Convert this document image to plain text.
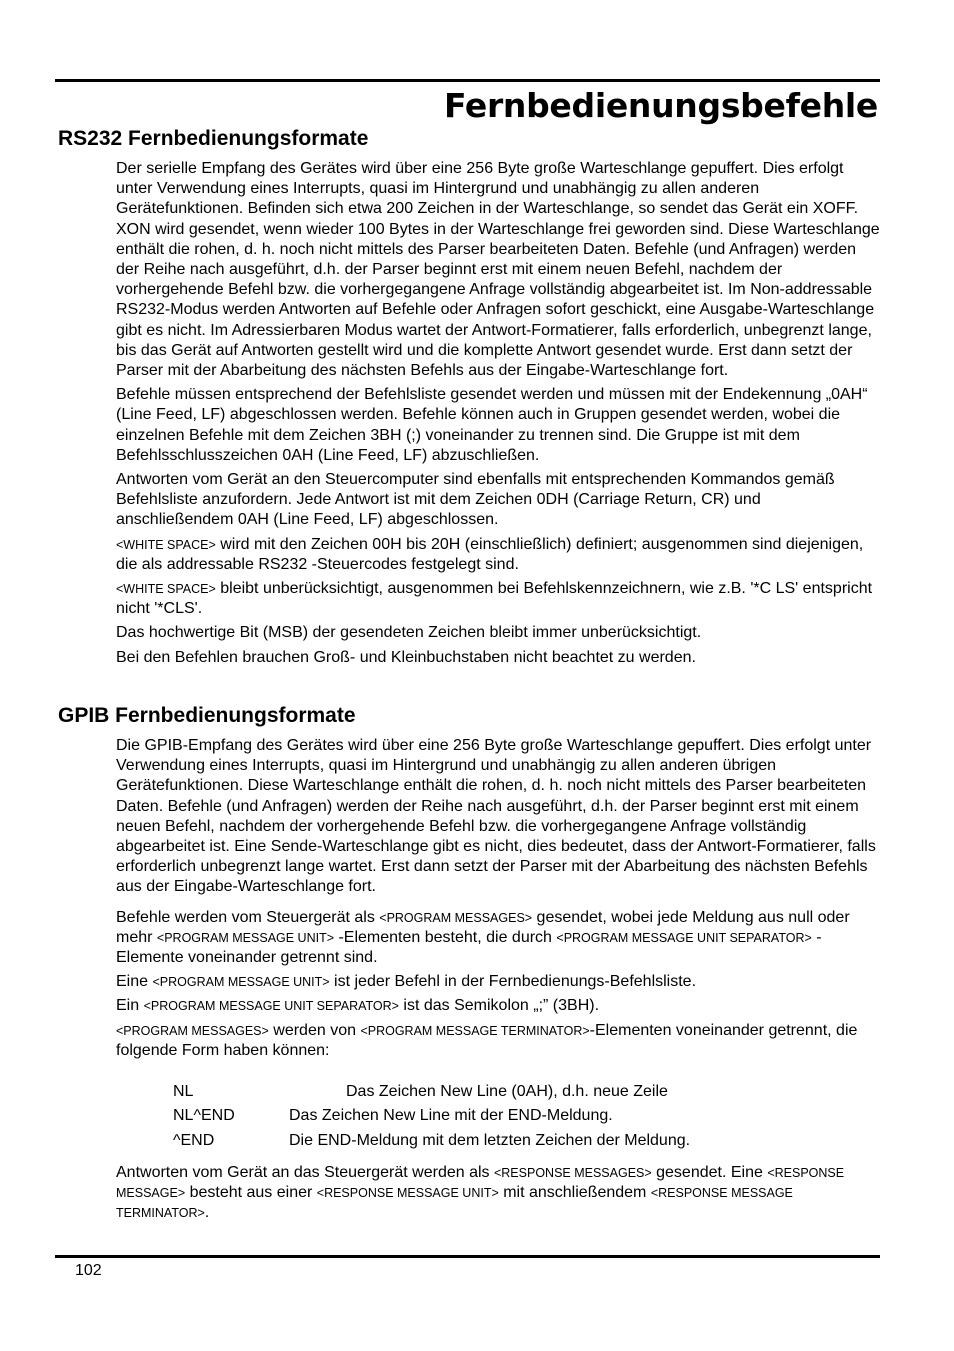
Fernbedienungsbefehle
RS232 Fernbedienungsformate

Der serielle Empfang des Gerätes wird über eine 256 Byte große Warteschlange gepuffert. Dies erfolgt unter Verwendung eines Interrupts, quasi im Hintergrund und unabhängig zu allen anderen Gerätefunktionen. Befinden sich etwa 200 Zeichen in der Warteschlange, so sendet das Gerät ein XOFF. XON wird gesendet, wenn wieder 100 Bytes in der Warteschlange frei geworden sind. Diese Warteschlange enthält die rohen, d. h. noch nicht mittels des Parser bearbeiteten Daten. Befehle (und Anfragen) werden der Reihe nach ausgeführt, d.h. der Parser beginnt erst mit einem neuen Befehl, nachdem der vorhergehende Befehl bzw. die vorhergegangene Anfrage vollständig abgearbeitet ist. Im Non-addressable RS232-Modus werden Antworten auf Befehle oder Anfragen sofort geschickt, eine Ausgabe-Warteschlange gibt es nicht. Im Adressierbaren Modus wartet der Antwort-Formatierer, falls erforderlich, unbegrenzt lange, bis das Gerät auf Antworten gestellt wird und die komplette Antwort gesendet wurde. Erst dann setzt der Parser mit der Abarbeitung des nächsten Befehls aus der Eingabe-Warteschlange fort.

Befehle müssen entsprechend der Befehlsliste gesendet werden und müssen mit der Endekennung „0AH“ (Line Feed, LF) abgeschlossen werden. Befehle können auch in Gruppen gesendet werden, wobei die einzelnen Befehle mit dem Zeichen 3BH (;) voneinander zu trennen sind. Die Gruppe ist mit dem Befehlsschlusszeichen 0AH (Line Feed, LF) abzuschließen.

Antworten vom Gerät an den Steuercomputer sind ebenfalls mit entsprechenden Kommandos gemäß Befehlsliste anzufordern. Jede Antwort ist mit dem Zeichen 0DH (Carriage Return, CR) und anschließendem 0AH (Line Feed, LF) abgeschlossen.

<WHITE SPACE> wird mit den Zeichen 00H bis 20H (einschließlich) definiert; ausgenommen sind diejenigen, die als addressable RS232 -Steuercodes festgelegt sind.

<WHITE SPACE> bleibt unberücksichtigt, ausgenommen bei Befehlskennzeichnern, wie z.B. '*C LS' entspricht nicht '*CLS'.

Das hochwertige Bit (MSB) der gesendeten Zeichen bleibt immer unberücksichtigt.

Bei den Befehlen brauchen Groß- und Kleinbuchstaben nicht beachtet zu werden.

GPIB Fernbedienungsformate

Die GPIB-Empfang des Gerätes wird über eine 256 Byte große Warteschlange gepuffert. Dies erfolgt unter Verwendung eines Interrupts, quasi im Hintergrund und unabhängig zu allen anderen übrigen Gerätefunktionen. Diese Warteschlange enthält die rohen, d. h. noch nicht mittels des Parser bearbeiteten Daten. Befehle (und Anfragen) werden der Reihe nach ausgeführt, d.h. der Parser beginnt erst mit einem neuen Befehl, nachdem der vorhergehende Befehl bzw. die vorhergegangene Anfrage vollständig abgearbeitet ist. Eine Sende-Warteschlange gibt es nicht, dies bedeutet, dass der Antwort-Formatierer, falls erforderlich unbegrenzt lange wartet. Erst dann setzt der Parser mit der Abarbeitung des nächsten Befehls aus der Eingabe-Warteschlange fort.

Befehle werden vom Steuergerät als <PROGRAM MESSAGES> gesendet, wobei jede Meldung aus null oder mehr <PROGRAM MESSAGE UNIT> -Elementen besteht, die durch <PROGRAM MESSAGE UNIT SEPARATOR> -Elemente voneinander getrennt sind.

Eine <PROGRAM MESSAGE UNIT> ist jeder Befehl in der Fernbedienungs-Befehlsliste.

Ein <PROGRAM MESSAGE UNIT SEPARATOR> ist das Semikolon „;” (3BH).

<PROGRAM MESSAGES> werden von <PROGRAM MESSAGE TERMINATOR>-Elementen voneinander getrennt, die folgende Form haben können:

NL	Das Zeichen New Line (0AH), d.h. neue Zeile
NL^END	Das Zeichen New Line mit der END-Meldung.
^END	Die END-Meldung mit dem letzten Zeichen der Meldung.

Antworten vom Gerät an das Steuergerät werden als <RESPONSE MESSAGES> gesendet. Eine <RESPONSE MESSAGE> besteht aus einer <RESPONSE MESSAGE UNIT> mit anschließendem <RESPONSE MESSAGE TERMINATOR>.

102
